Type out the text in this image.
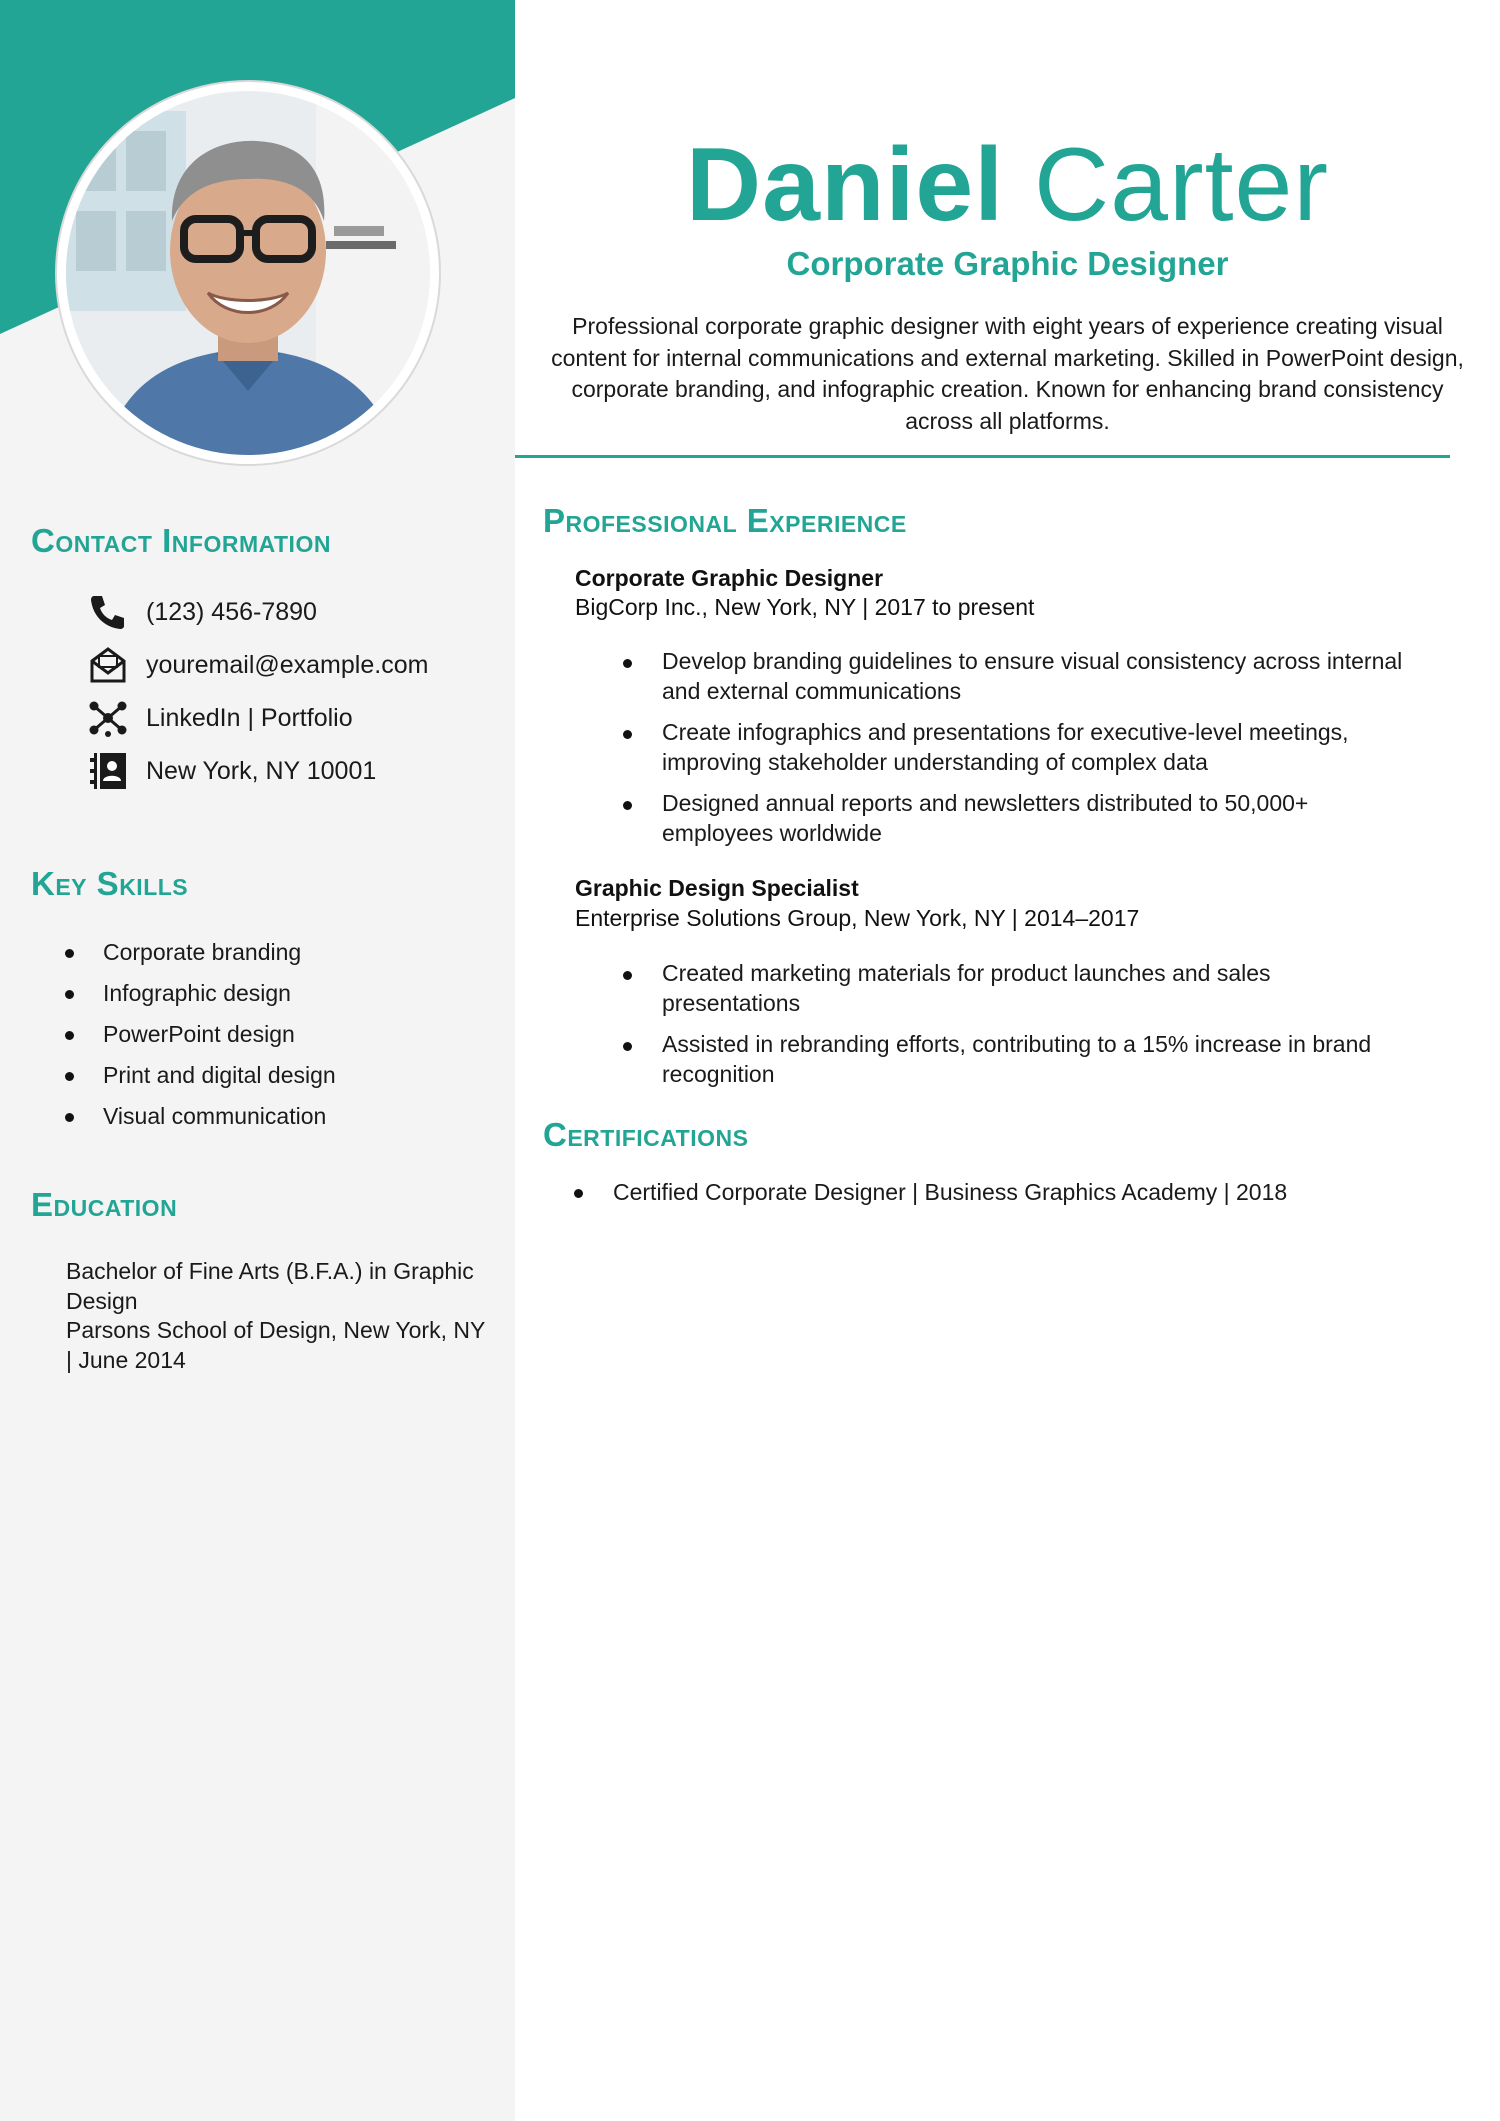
Contact Information
(123) 456-7890
youremail@example.com
LinkedIn | Portfolio
New York, NY 10001
Key Skills
Corporate branding
Infographic design
PowerPoint design
Print and digital design
Visual communication
Education
Bachelor of Fine Arts (B.F.A.) in Graphic Design
Parsons School of Design, New York, NY | June 2014
Daniel Carter
Corporate Graphic Designer
Professional corporate graphic designer with eight years of experience creating visual content for internal communications and external marketing. Skilled in PowerPoint design, corporate branding, and infographic creation. Known for enhancing brand consistency across all platforms.
Professional Experience
Corporate Graphic Designer
BigCorp Inc., New York, NY | 2017 to present
Develop branding guidelines to ensure visual consistency across internal and external communications
Create infographics and presentations for executive-level meetings, improving stakeholder understanding of complex data
Designed annual reports and newsletters distributed to 50,000+ employees worldwide
Graphic Design Specialist
Enterprise Solutions Group, New York, NY | 2014–2017
Created marketing materials for product launches and sales presentations
Assisted in rebranding efforts, contributing to a 15% increase in brand recognition
Certifications
Certified Corporate Designer | Business Graphics Academy | 2018
